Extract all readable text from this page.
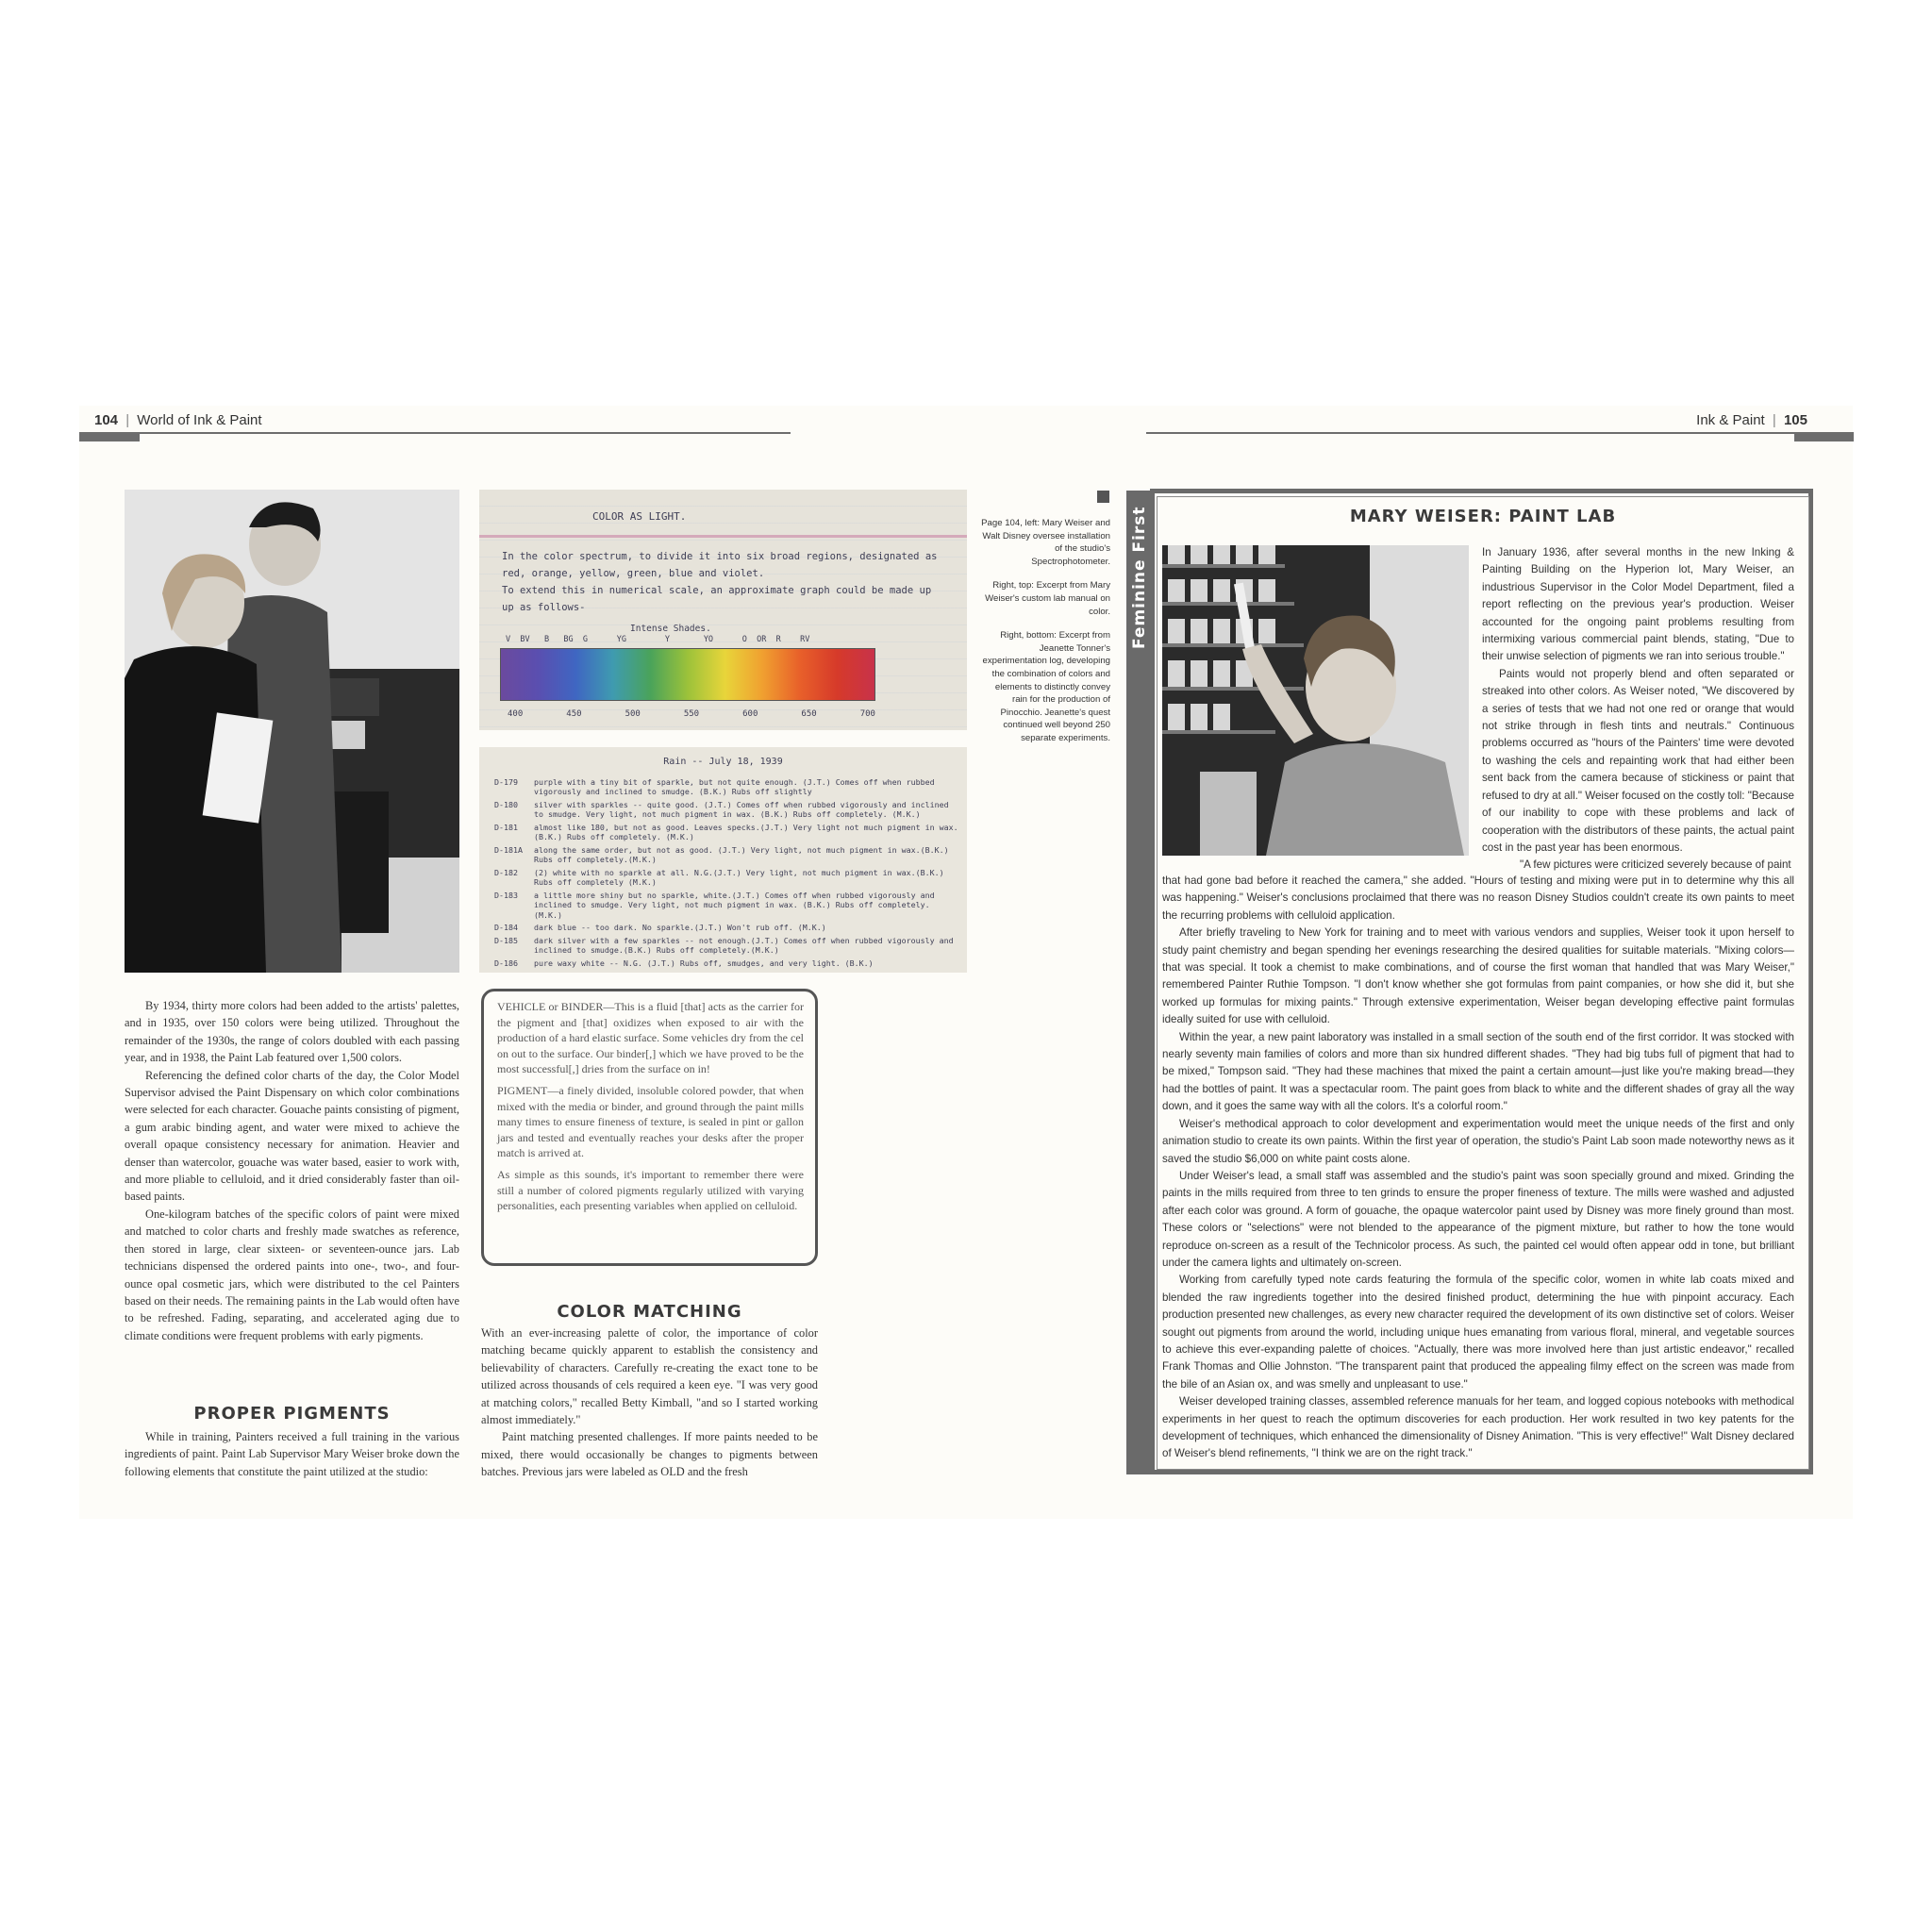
104 | World of Ink & Paint	Ink & Paint | 105
COLOR AS LIGHT.
In the color spectrum, to divide it into six broad regions, designated as
red, orange, yellow, green, blue and violet.
To extend this in numerical scale, an approximate graph could be made up
up as follows-
Intense Shades.
V  BV   B   BG  G      YG        Y       YO      O  OR  R    RV
400	450	500	550	600	650	700
Rain -- July 18, 1939
D-179	purple with a tiny bit of sparkle, but not quite enough. (J.T.) Comes off when rubbed vigorously and inclined to smudge. (B.K.) Rubs off slightly
D-180	silver with sparkles -- quite good. (J.T.) Comes off when rubbed vigorously and inclined to smudge. Very light, not much pigment in wax. (B.K.) Rubs off completely. (M.K.)
D-181	almost like 180, but not as good. Leaves specks.(J.T.) Very light not much pigment in wax.(B.K.) Rubs off completely. (M.K.)
D-181A	along the same order, but not as good. (J.T.) Very light, not much pigment in wax.(B.K.) Rubs off completely.(M.K.)
D-182	(2) white with no sparkle at all. N.G.(J.T.) Very light, not much pigment in wax.(B.K.) Rubs off completely (M.K.)
D-183	a little more shiny but no sparkle, white.(J.T.) Comes off when rubbed vigorously and inclined to smudge. Very light, not much pigment in wax. (B.K.) Rubs off completely. (M.K.)
D-184	dark blue -- too dark. No sparkle.(J.T.) Won't rub off. (M.K.)
D-185	dark silver with a few sparkles -- not enough.(J.T.) Comes off when rubbed vigorously and inclined to smudge.(B.K.) Rubs off completely.(M.K.)
D-186	pure waxy white -- N.G. (J.T.) Rubs off, smudges, and very light. (B.K.)

Page 104, left: Mary Weiser and Walt Disney oversee installation of the studio's Spectrophotometer.

Right, top: Excerpt from Mary Weiser's custom lab manual on color.

Right, bottom: Excerpt from Jeanette Tonner's experimentation log, developing the combination of colors and elements to distinctly convey rain for the production of Pinocchio. Jeanette's quest continued well beyond 250 separate experiments.

By 1934, thirty more colors had been added to the artists' palettes, and in 1935, over 150 colors were being utilized. Throughout the remainder of the 1930s, the range of colors doubled with each passing year, and in 1938, the Paint Lab featured over 1,500 colors.

Referencing the defined color charts of the day, the Color Model Supervisor advised the Paint Dispensary on which color combinations were selected for each character. Gouache paints consisting of pigment, a gum arabic binding agent, and water were mixed to achieve the overall opaque consistency necessary for animation. Heavier and denser than watercolor, gouache was water based, easier to work with, and more pliable to celluloid, and it dried considerably faster than oil-based paints.

One-kilogram batches of the specific colors of paint were mixed and matched to color charts and freshly made swatches as reference, then stored in large, clear sixteen- or seventeen-ounce jars. Lab technicians dispensed the ordered paints into one-, two-, and four-ounce opal cosmetic jars, which were distributed to the cel Painters based on their needs. The remaining paints in the Lab would often have to be refreshed. Fading, separating, and accelerated aging due to climate conditions were frequent problems with early pigments.

PROPER PIGMENTS

While in training, Painters received a full training in the various ingredients of paint. Paint Lab Supervisor Mary Weiser broke down the following elements that constitute the paint utilized at the studio:

VEHICLE or BINDER—This is a fluid [that] acts as the carrier for the pigment and [that] oxidizes when exposed to air with the production of a hard elastic surface. Some vehicles dry from the cel on out to the surface. Our binder[,] which we have proved to be the most successful[,] dries from the surface on in!

PIGMENT—a finely divided, insoluble colored powder, that when mixed with the media or binder, and ground through the paint mills many times to ensure fineness of texture, is sealed in pint or gallon jars and tested and eventually reaches your desks after the proper match is arrived at.

As simple as this sounds, it's important to remember there were still a number of colored pigments regularly utilized with varying personalities, each presenting variables when applied on celluloid.

COLOR MATCHING

With an ever-increasing palette of color, the importance of color matching became quickly apparent to establish the consistency and believability of characters. Carefully re-creating the exact tone to be utilized across thousands of cels required a keen eye. "I was very good at matching colors," recalled Betty Kimball, "and so I started working almost immediately."

Paint matching presented challenges. If more paints needed to be mixed, there would occasionally be changes to pigments between batches. Previous jars were labeled as OLD and the fresh

Feminine First	MARY WEISER: PAINT LAB

In January 1936, after several months in the new Inking & Painting Building on the Hyperion lot, Mary Weiser, an industrious Supervisor in the Color Model Department, filed a report reflecting on the previous year's production. Weiser accounted for the ongoing paint problems resulting from intermixing various commercial paint blends, stating, "Due to their unwise selection of pigments we ran into serious trouble."

Paints would not properly blend and often separated or streaked into other colors. As Weiser noted, "We discovered by a series of tests that we had not one red or orange that would not strike through in flesh tints and neutrals." Continuous problems occurred as "hours of the Painters' time were devoted to washing the cels and repainting work that had either been sent back from the camera because of stickiness or paint that refused to dry at all." Weiser focused on the costly toll: "Because of our inability to cope with these problems and lack of cooperation with the distributors of these paints, the actual paint cost in the past year has been enormous.

"A few pictures were criticized severely because of paint

that had gone bad before it reached the camera," she added. "Hours of testing and mixing were put in to determine why this all was happening." Weiser's conclusions proclaimed that there was no reason Disney Studios couldn't create its own paints to meet the recurring problems with celluloid application.

After briefly traveling to New York for training and to meet with various vendors and supplies, Weiser took it upon herself to study paint chemistry and began spending her evenings researching the desired qualities for suitable materials. "Mixing colors—that was special. It took a chemist to make combinations, and of course the first woman that handled that was Mary Weiser," remembered Painter Ruthie Tompson. "I don't know whether she got formulas from paint companies, or how she did it, but she worked up formulas for mixing paints." Through extensive experimentation, Weiser began developing effective paint formulas ideally suited for use with celluloid.

Within the year, a new paint laboratory was installed in a small section of the south end of the first corridor. It was stocked with nearly seventy main families of colors and more than six hundred different shades. "They had big tubs full of pigment that had to be mixed," Tompson said. "They had these machines that mixed the paint a certain amount—just like you're making bread—they had the bottles of paint. It was a spectacular room. The paint goes from black to white and the different shades of gray all the way down, and it goes the same way with all the colors. It's a colorful room."

Weiser's methodical approach to color development and experimentation would meet the unique needs of the first and only animation studio to create its own paints. Within the first year of operation, the studio's Paint Lab soon made noteworthy news as it saved the studio $6,000 on white paint costs alone.

Under Weiser's lead, a small staff was assembled and the studio's paint was soon specially ground and mixed. Grinding the paints in the mills required from three to ten grinds to ensure the proper fineness of texture. The mills were washed and adjusted after each color was ground. A form of gouache, the opaque watercolor paint used by Disney was more finely ground than most. These colors or "selections" were not blended to the appearance of the pigment mixture, but rather to how the tone would reproduce on-screen as a result of the Technicolor process. As such, the painted cel would often appear odd in tone, but brilliant under the camera lights and ultimately on-screen.

Working from carefully typed note cards featuring the formula of the specific color, women in white lab coats mixed and blended the raw ingredients together into the desired finished product, determining the hue with pinpoint accuracy. Each production presented new challenges, as every new character required the development of its own distinctive set of colors. Weiser sought out pigments from around the world, including unique hues emanating from various floral, mineral, and vegetable sources to achieve this ever-expanding palette of choices. "Actually, there was more involved here than just artistic endeavor," recalled Frank Thomas and Ollie Johnston. "The transparent paint that produced the appealing filmy effect on the screen was made from the bile of an Asian ox, and was smelly and unpleasant to use."

Weiser developed training classes, assembled reference manuals for her team, and logged copious notebooks with methodical experiments in her quest to reach the optimum discoveries for each production. Her work resulted in two key patents for the development of techniques, which enhanced the dimensionality of Disney Animation. "This is very effective!" Walt Disney declared of Weiser's blend refinements, "I think we are on the right track."
